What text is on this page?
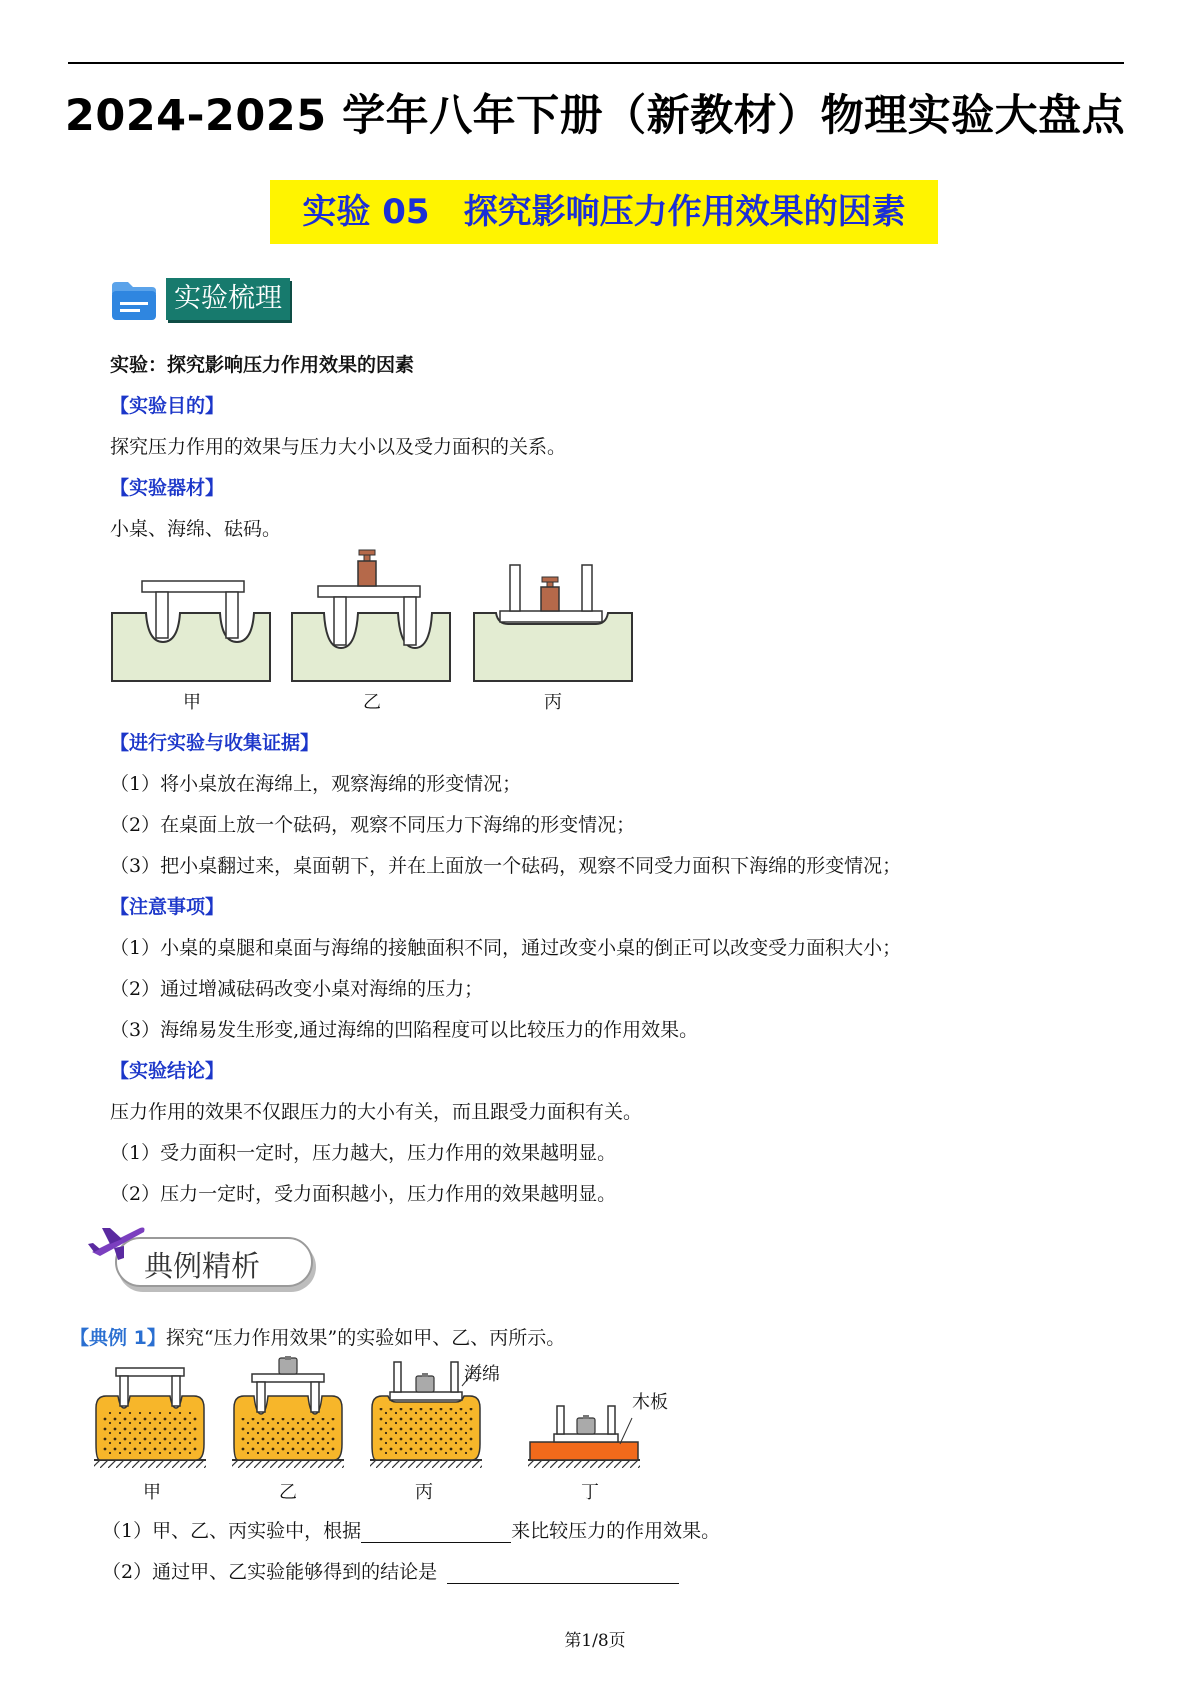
2024-2025 学年八年下册（新教材）物理实验大盘点
实验 05　探究影响压力作用效果的因素
实验梳理
实验：探究影响压力作用效果的因素
【实验目的】
探究压力作用的效果与压力大小以及受力面积的关系。
【实验器材】
小桌、海绵、砝码。
甲	乙	丙
【进行实验与收集证据】
（1）将小桌放在海绵上，观察海绵的形变情况；
（2）在桌面上放一个砝码，观察不同压力下海绵的形变情况；
（3）把小桌翻过来，桌面朝下，并在上面放一个砝码，观察不同受力面积下海绵的形变情况；
【注意事项】
（1）小桌的桌腿和桌面与海绵的接触面积不同，通过改变小桌的倒正可以改变受力面积大小；
（2）通过增减砝码改变小桌对海绵的压力；
（3）海绵易发生形变,通过海绵的凹陷程度可以比较压力的作用效果。
【实验结论】
压力作用的效果不仅跟压力的大小有关，而且跟受力面积有关。
（1）受力面积一定时，压力越大，压力作用的效果越明显。
（2）压力一定时，受力面积越小，压力作用的效果越明显。
典例精析
【典例 1】探究“压力作用效果”的实验如甲、乙、丙所示。
海绵
木板
甲	乙	丙	丁
（1）甲、乙、丙实验中，根据	来比较压力的作用效果。
（2）通过甲、乙实验能够得到的结论是
第1/8页
